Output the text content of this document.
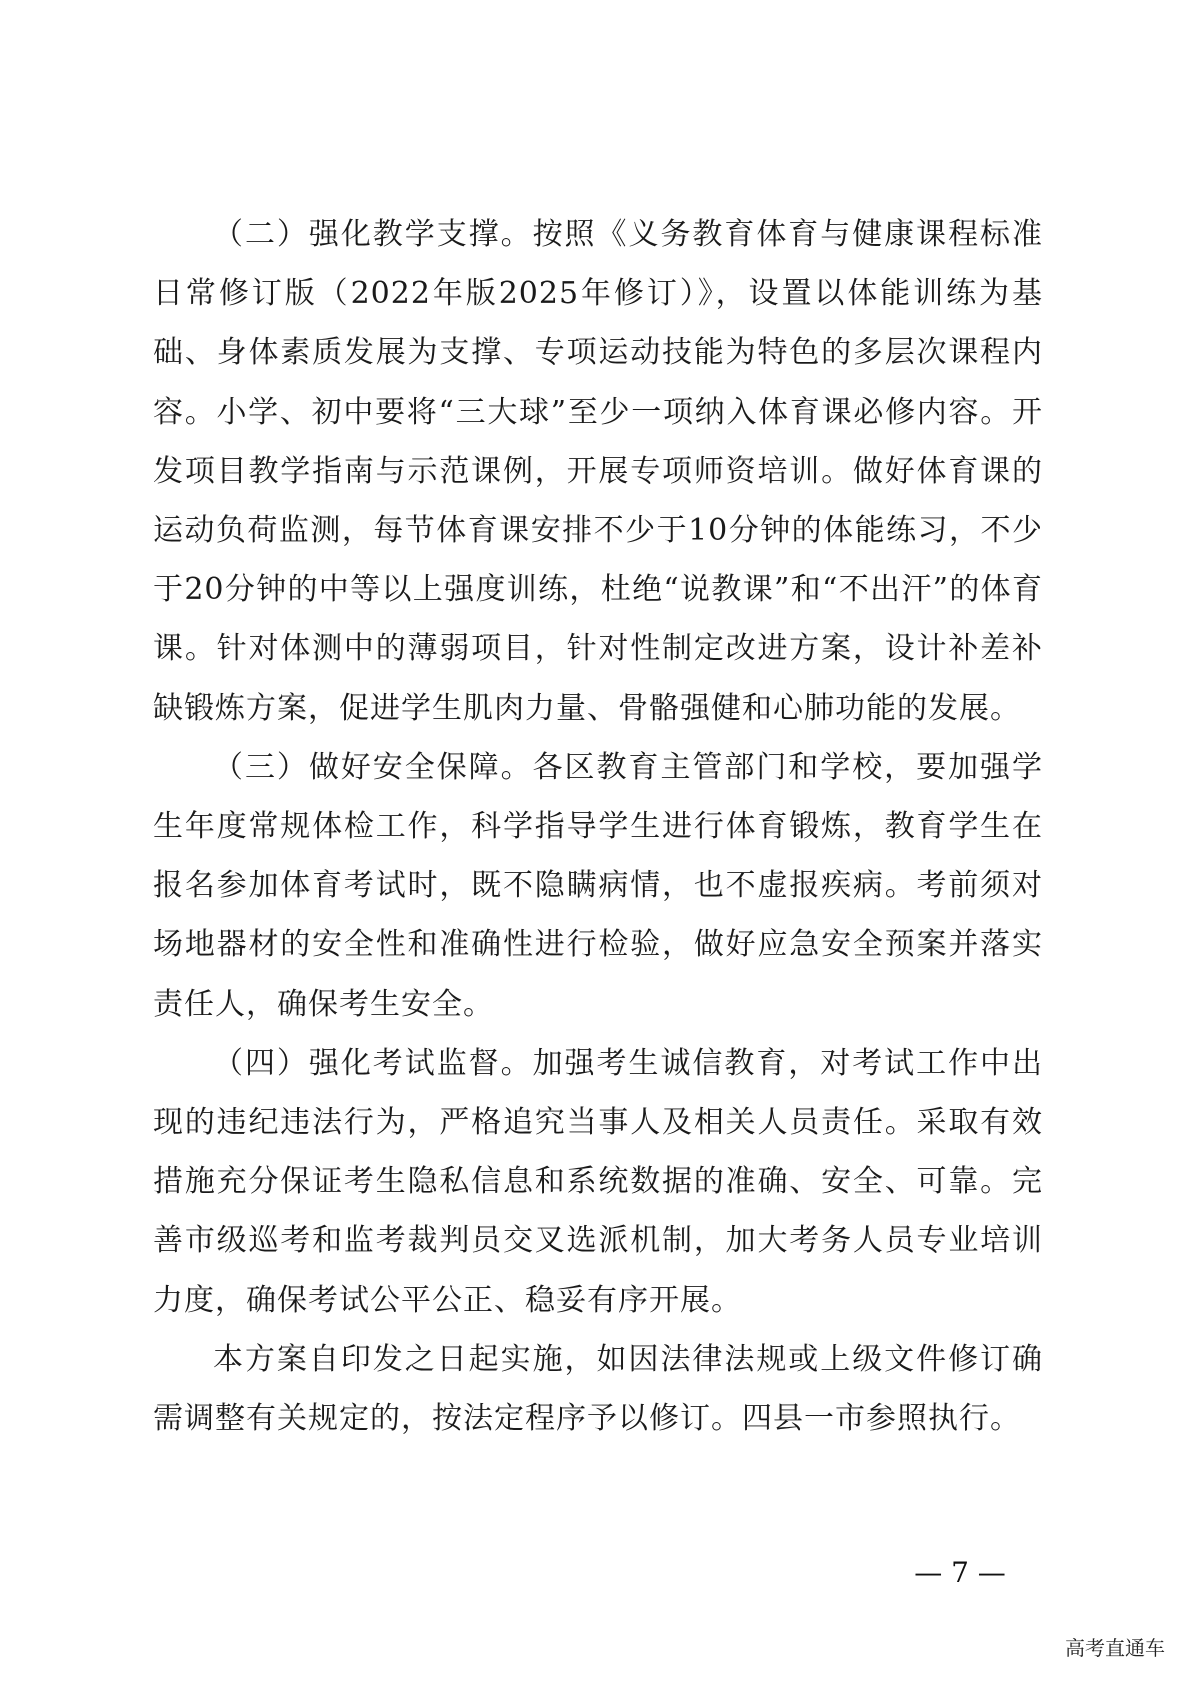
（二）强化教学支撑。按照《义务教育体育与健康课程标准日常修订版（2022年版2025年修订）》，设置以体能训练为基础、身体素质发展为支撑、专项运动技能为特色的多层次课程内容。小学、初中要将“三大球”至少一项纳入体育课必修内容。开发项目教学指南与示范课例，开展专项师资培训。做好体育课的运动负荷监测，每节体育课安排不少于10分钟的体能练习，不少于20分钟的中等以上强度训练，杜绝“说教课”和“不出汗”的体育课。针对体测中的薄弱项目，针对性制定改进方案，设计补差补缺锻炼方案，促进学生肌肉力量、骨骼强健和心肺功能的发展。

（三）做好安全保障。各区教育主管部门和学校，要加强学生年度常规体检工作，科学指导学生进行体育锻炼，教育学生在报名参加体育考试时，既不隐瞒病情，也不虚报疾病。考前须对场地器材的安全性和准确性进行检验，做好应急安全预案并落实责任人，确保考生安全。

（四）强化考试监督。加强考生诚信教育，对考试工作中出现的违纪违法行为，严格追究当事人及相关人员责任。采取有效措施充分保证考生隐私信息和系统数据的准确、安全、可靠。完善市级巡考和监考裁判员交叉选派机制，加大考务人员专业培训力度，确保考试公平公正、稳妥有序开展。

本方案自印发之日起实施，如因法律法规或上级文件修订确需调整有关规定的，按法定程序予以修订。四县一市参照执行。

— 7 —
高考直通车
